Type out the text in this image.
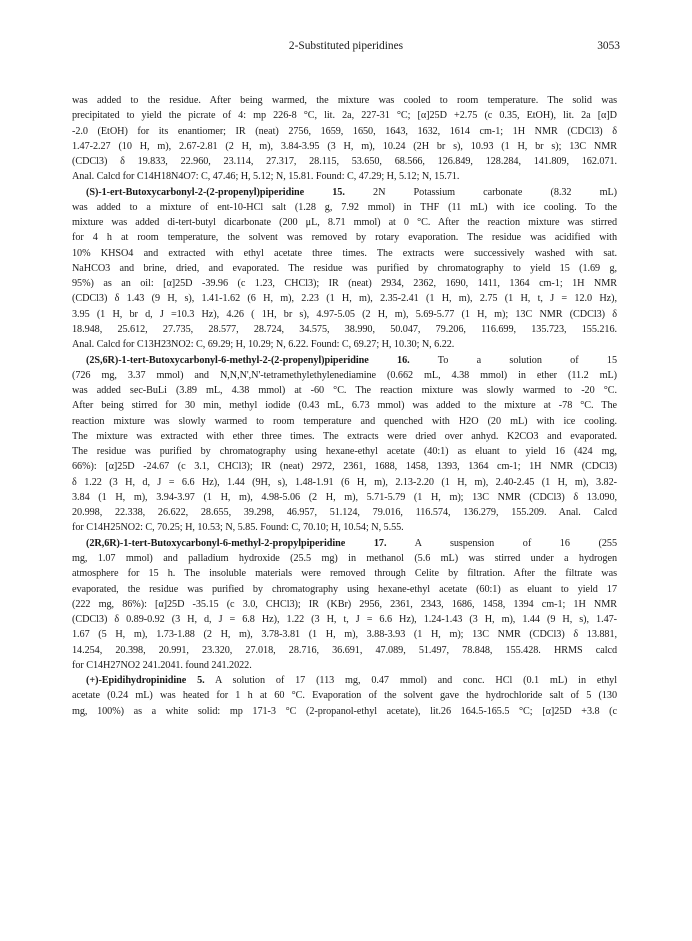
2-Substituted piperidines	3053
was added to the residue. After being warmed, the mixture was cooled to room temperature. The solid was
precipitated to yield the picrate of 4: mp 226-8 °C, lit. 2a, 227-31 °C; [α]25D +2.75 (c 0.35, EtOH), lit. 2a [α]D
-2.0 (EtOH) for its enantiomer; IR (neat) 2756, 1659, 1650, 1643, 1632, 1614 cm-1; 1H NMR (CDCl3) δ
1.47-2.27 (10 H, m), 2.67-2.81 (2 H, m), 3.84-3.95 (3 H, m), 10.24 (2H br s), 10.93 (1 H, br s); 13C NMR
(CDCl3) δ 19.833, 22.960, 23.114, 27.317, 28.115, 53.650, 68.566, 126.849, 128.284, 141.809, 162.071.
Anal. Calcd for C14H18N4O7: C, 47.46; H, 5.12; N, 15.81. Found: C, 47.29; H, 5.12; N, 15.71.
(S)-1-ert-Butoxycarbonyl-2-(2-propenyl)piperidine 15.	2N Potassium carbonate (8.32 mL)
was added to a mixture of ent-10-HCl salt (1.28 g, 7.92 mmol) in THF (11 mL) with ice cooling. To the
mixture was added di-tert-butyl dicarbonate (200 μL, 8.71 mmol) at 0 °C. After the reaction mixture was stirred
for 4 h at room temperature, the solvent was removed by rotary evaporation. The residue was acidified with
10% KHSO4 and extracted with ethyl acetate three times. The extracts were successively washed with sat.
NaHCO3 and brine, dried, and evaporated. The residue was purified by chromatography to yield 15 (1.69 g,
95%) as an oil: [α]25D -39.96 (c 1.23, CHCl3); IR (neat) 2934, 2362, 1690, 1411, 1364 cm-1; 1H NMR
(CDCl3) δ 1.43 (9 H, s), 1.41-1.62 (6 H, m), 2.23 (1 H, m), 2.35-2.41 (1 H, m), 2.75 (1 H, t, J = 12.0 Hz),
3.95 (1 H, br d, J =10.3 Hz), 4.26 ( 1H, br s), 4.97-5.05 (2 H, m), 5.69-5.77 (1 H, m); 13C NMR (CDCl3) δ
18.948, 25.612, 27.735, 28.577, 28.724, 34.575, 38.990, 50.047, 79.206, 116.699, 135.723, 155.216.
Anal. Calcd for C13H23NO2: C, 69.29; H, 10.29; N, 6.22. Found: C, 69.27; H, 10.30; N, 6.22.
(2S,6R)-1-tert-Butoxycarbonyl-6-methyl-2-(2-propenyl)piperidine 16.	To a solution of 15
(726 mg, 3.37 mmol) and N,N,N',N'-tetramethylethylenediamine (0.662 mL, 4.38 mmol) in ether (11.2 mL)
was added sec-BuLi (3.89 mL, 4.38 mmol) at -60 °C. The reaction mixture was slowly warmed to -20 °C.
After being stirred for 30 min, methyl iodide (0.43 mL, 6.73 mmol) was added to the mixture at -78 °C. The
reaction mixture was slowly warmed to room temperature and quenched with H2O (20 mL) with ice cooling.
The mixture was extracted with ether three times. The extracts were dried over anhyd. K2CO3 and evaporated.
The residue was purified by chromatography using hexane-ethyl acetate (40:1) as eluant to yield 16 (424 mg,
66%): [α]25D -24.67 (c 3.1, CHCl3); IR (neat) 2972, 2361, 1688, 1458, 1393, 1364 cm-1; 1H NMR (CDCl3)
δ 1.22 (3 H, d, J = 6.6 Hz), 1.44 (9H, s), 1.48-1.91 (6 H, m), 2.13-2.20 (1 H, m), 2.40-2.45 (1 H, m), 3.82-
3.84 (1 H, m), 3.94-3.97 (1 H, m), 4.98-5.06 (2 H, m), 5.71-5.79 (1 H, m); 13C NMR (CDCl3) δ 13.090,
20.998, 22.338, 26.622, 28.655, 39.298, 46.957, 51.124, 79.016, 116.574, 136.279, 155.209. Anal. Calcd
for C14H25NO2: C, 70.25; H, 10.53; N, 5.85. Found: C, 70.10; H, 10.54; N, 5.55.
(2R,6R)-1-tert-Butoxycarbonyl-6-methyl-2-propylpiperidine 17.	A suspension of 16 (255
mg, 1.07 mmol) and palladium hydroxide (25.5 mg) in methanol (5.6 mL) was stirred under a hydrogen
atmosphere for 15 h. The insoluble materials were removed through Celite by filtration. After the filtrate was
evaporated, the residue was purified by chromatography using hexane-ethyl acetate (60:1) as eluant to yield 17
(222 mg, 86%): [α]25D -35.15 (c 3.0, CHCl3); IR (KBr) 2956, 2361, 2343, 1686, 1458, 1394 cm-1; 1H NMR
(CDCl3) δ 0.89-0.92 (3 H, d, J = 6.8 Hz), 1.22 (3 H, t, J = 6.6 Hz), 1.24-1.43 (3 H, m), 1.44 (9 H, s), 1.47-
1.67 (5 H, m), 1.73-1.88 (2 H, m), 3.78-3.81 (1 H, m), 3.88-3.93 (1 H, m); 13C NMR (CDCl3) δ 13.881,
14.254, 20.398, 20.991, 23.320, 27.018, 28.716, 36.691, 47.089, 51.497, 78.848, 155.428. HRMS calcd
for C14H27NO2 241.2041. found 241.2022.
(+)-Epidihydropinidine 5. A solution of 17 (113 mg, 0.47 mmol) and conc. HCl (0.1 mL) in ethyl
acetate (0.24 mL) was heated for 1 h at 60 °C. Evaporation of the solvent gave the hydrochloride salt of 5 (130
mg, 100%) as a white solid: mp 171-3 °C (2-propanol-ethyl acetate), lit.26 164.5-165.5 °C; [α]25D +3.8 (c
